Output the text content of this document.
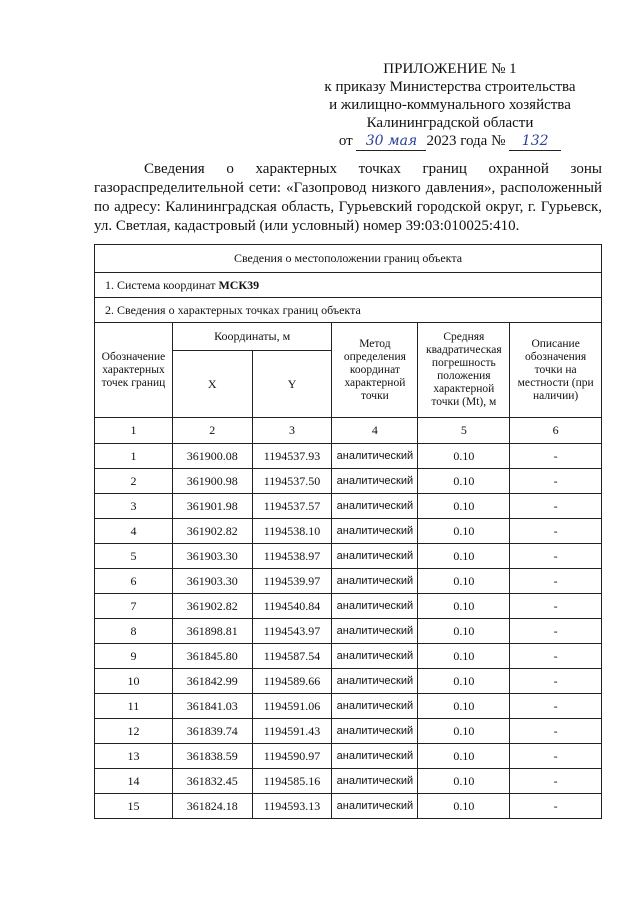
ПРИЛОЖЕНИЕ № 1
к приказу Министерства строительства
и жилищно-коммунального хозяйства
Калининградской области
от 30 мая 2023 года № 132
Сведения о характерных точках границ охранной зоны газораспределительной сети: «Газопровод низкого давления», расположенный по адресу: Калининградская область, Гурьевский городской округ, г. Гурьевск, ул. Светлая, кадастровый (или условный) номер 39:03:010025:410.
Сведения о местоположении границ объекта					
1. Система координат МСК39					
2. Сведения о характерных точках границ объекта					
Обозначение характерных точек границ	Координаты, м		Метод определения координат характерной точки	Средняя квадратическая погрешность положения характерной точки (Mt), м	Описание обозначения точки на местности (при наличии)
	X	Y			
1	2	3	4	5	6
1	361900.08	1194537.93	аналитический	0.10	-
2	361900.98	1194537.50	аналитический	0.10	-
3	361901.98	1194537.57	аналитический	0.10	-
4	361902.82	1194538.10	аналитический	0.10	-
5	361903.30	1194538.97	аналитический	0.10	-
6	361903.30	1194539.97	аналитический	0.10	-
7	361902.82	1194540.84	аналитический	0.10	-
8	361898.81	1194543.97	аналитический	0.10	-
9	361845.80	1194587.54	аналитический	0.10	-
10	361842.99	1194589.66	аналитический	0.10	-
11	361841.03	1194591.06	аналитический	0.10	-
12	361839.74	1194591.43	аналитический	0.10	-
13	361838.59	1194590.97	аналитический	0.10	-
14	361832.45	1194585.16	аналитический	0.10	-
15	361824.18	1194593.13	аналитический	0.10	-
